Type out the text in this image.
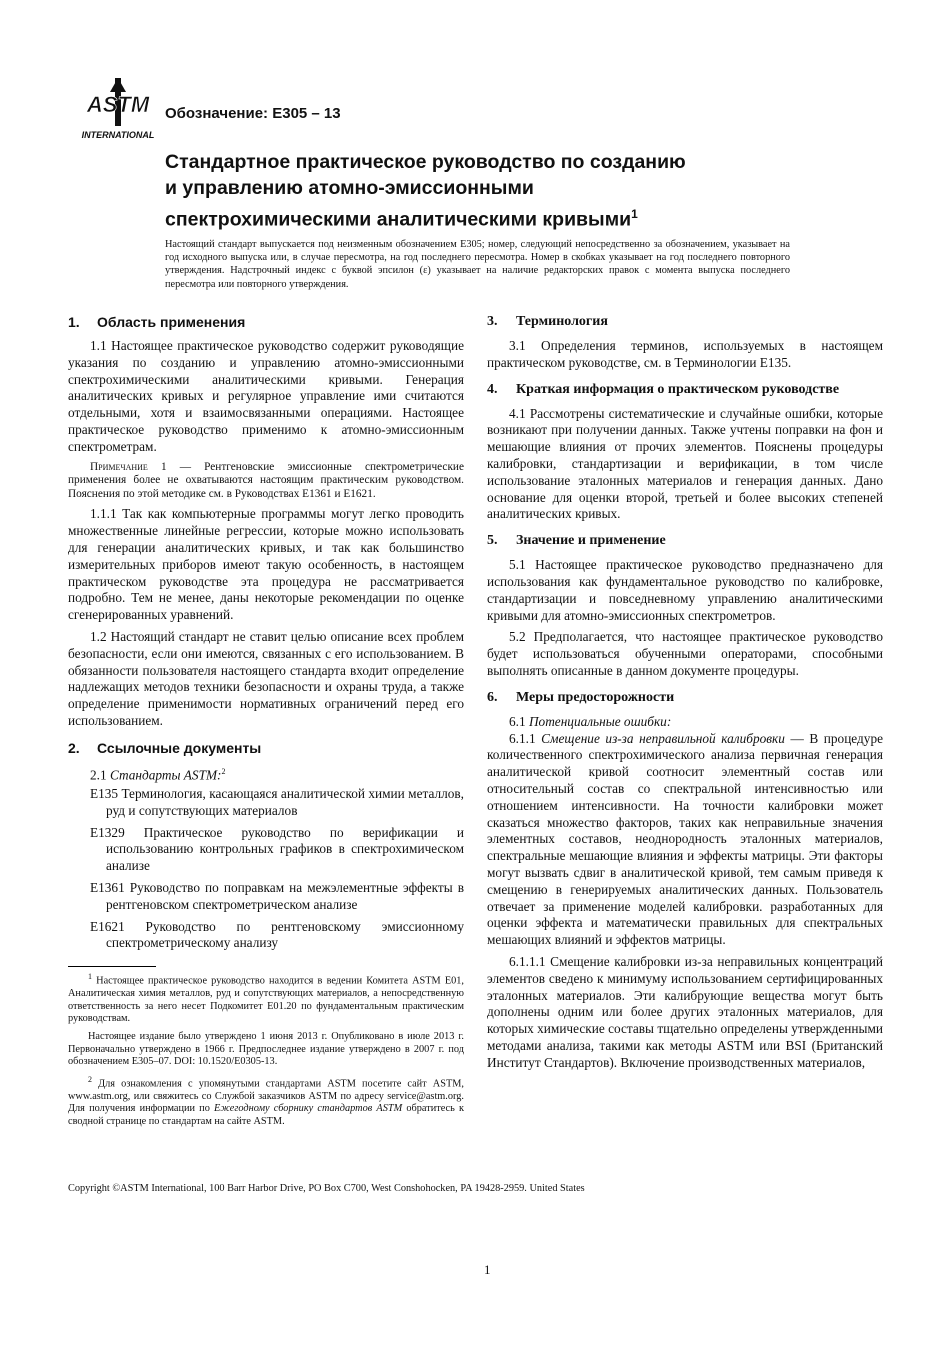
ASTM
INTERNATIONAL
Обозначение: E305 – 13
Стандартное практическое руководство по созданию
и управлению атомно-эмиссионными
спектрохимическими аналитическими кривыми$^1$

Настоящий стандарт выпускается под неизменным обозначением E305; номер, следующий непосредственно за обозначением, указывает на год исходного выпуска или, в случае пересмотра, на год последнего пересмотра. Номер в скобках указывает на год последнего повторного утверждения. Надстрочный индекс с буквой эпсилон (ε) указывает на наличие редакторских правок с момента выпуска последнего пересмотра или повторного утверждения.

1.	Область применения

1.1 Настоящее практическое руководство содержит руководящие указания по созданию и управлению атомно-эмиссионными спектрохимическими аналитическими кривыми. Генерация аналитических кривых и регулярное управление ими считаются отдельными, хотя и взаимосвязанными операциями. Настоящее практическое руководство применимо к атомно-эмиссионным спектрометрам.

Примечание 1 — Рентгеновские эмиссионные спектрометрические применения более не охватываются настоящим практическим руководством. Пояснения по этой методике см. в Руководствах E1361 и E1621.

1.1.1 Так как компьютерные программы могут легко проводить множественные линейные регрессии, которые можно использовать для генерации аналитических кривых, и так как большинство измерительных приборов имеют такую особенность, в настоящем практическом руководстве эта процедура не рассматривается подробно. Тем не менее, даны некоторые рекомендации по оценке сгенерированных уравнений.

1.2 Настоящий стандарт не ставит целью описание всех проблем безопасности, если они имеются, связанных с его использованием. В обязанности пользователя настоящего стандарта входит определение надлежащих методов техники безопасности и охраны труда, а также определение применимости нормативных ограничений перед его использованием.

2.	Ссылочные документы

2.1 Стандарты ASTM:$^2$

E135 Терминология, касающаяся аналитической химии металлов, руд и сопутствующих материалов

E1329 Практическое руководство по верификации и использованию контрольных графиков в спектрохимическом анализе

E1361 Руководство по поправкам на межэлементные эффекты в рентгеновском спектрометрическом анализе

E1621 Руководство по рентгеновскому эмиссионному спектрометрическому анализу

$^1$ Настоящее практическое руководство находится в ведении Комитета ASTM E01, Аналитическая химия металлов, руд и сопутствующих материалов, а непосредственную ответственность за него несет Подкомитет E01.20 по фундаментальным практическим руководствам.

Настоящее издание было утверждено 1 июня 2013 г. Опубликовано в июле 2013 г. Первоначально утверждено в 1966 г. Предпоследнее издание утверждено в 2007 г. под обозначением E305–07. DOI: 10.1520/E0305-13.

$^2$ Для ознакомления с упомянутыми стандартами ASTM посетите сайт ASTM, www.astm.org, или свяжитесь со Службой заказчиков ASTM по адресу service@astm.org. Для получения информации по Ежегодному сборнику стандартов ASTM обратитесь к сводной странице по стандартам на сайте ASTM.

3.	Терминология

3.1 Определения терминов, используемых в настоящем практическом руководстве, см. в Терминологии E135.

4.	Краткая информация о практическом руководстве

4.1 Рассмотрены систематические и случайные ошибки, которые возникают при получении данных. Также учтены поправки на фон и мешающие влияния от прочих элементов. Пояснены процедуры калибровки, стандартизации и верификации, в том числе использование эталонных материалов и генерация данных. Дано основание для оценки второй, третьей и более высоких степеней аналитических кривых.

5.	Значение и применение

5.1 Настоящее практическое руководство предназначено для использования как фундаментальное руководство по калибровке, стандартизации и повседневному управлению аналитическими кривыми для атомно-эмиссионных спектрометров.

5.2 Предполагается, что настоящее практическое руководство будет использоваться обученными операторами, способными выполнять описанные в данном документе процедуры.

6.	Меры предосторожности

6.1 Потенциальные ошибки:

6.1.1 Смещение из-за неправильной калибровки — В процедуре количественного спектрохимического анализа первичная генерация аналитической кривой соотносит элементный состав или относительный состав со спектральной интенсивностью или отношением интенсивности. На точности калибровки может сказаться множество факторов, таких как неправильные значения элементных составов, неоднородность эталонных материалов, спектральные мешающие влияния и эффекты матрицы. Эти факторы могут вызвать сдвиг в аналитической кривой, тем самым приведя к смещению в генерируемых аналитических данных. Пользователь отвечает за применение моделей калибровки. разработанных для оценки эффекта и математически правильных для спектральных мешающих влияний и эффектов матрицы.

6.1.1.1 Смещение калибровки из-за неправильных концентраций элементов сведено к минимуму использованием сертифицированных эталонных материалов. Эти калибрующие вещества могут быть дополнены одним или более других эталонных материалов, для которых химические составы тщательно определены утвержденными методами анализа, такими как методы ASTM или BSI (Британский Институт Стандартов). Включение производственных материалов,

Copyright ©ASTM International, 100 Barr Harbor Drive, PO Box C700, West Conshohocken, PA 19428-2959. United States
1
